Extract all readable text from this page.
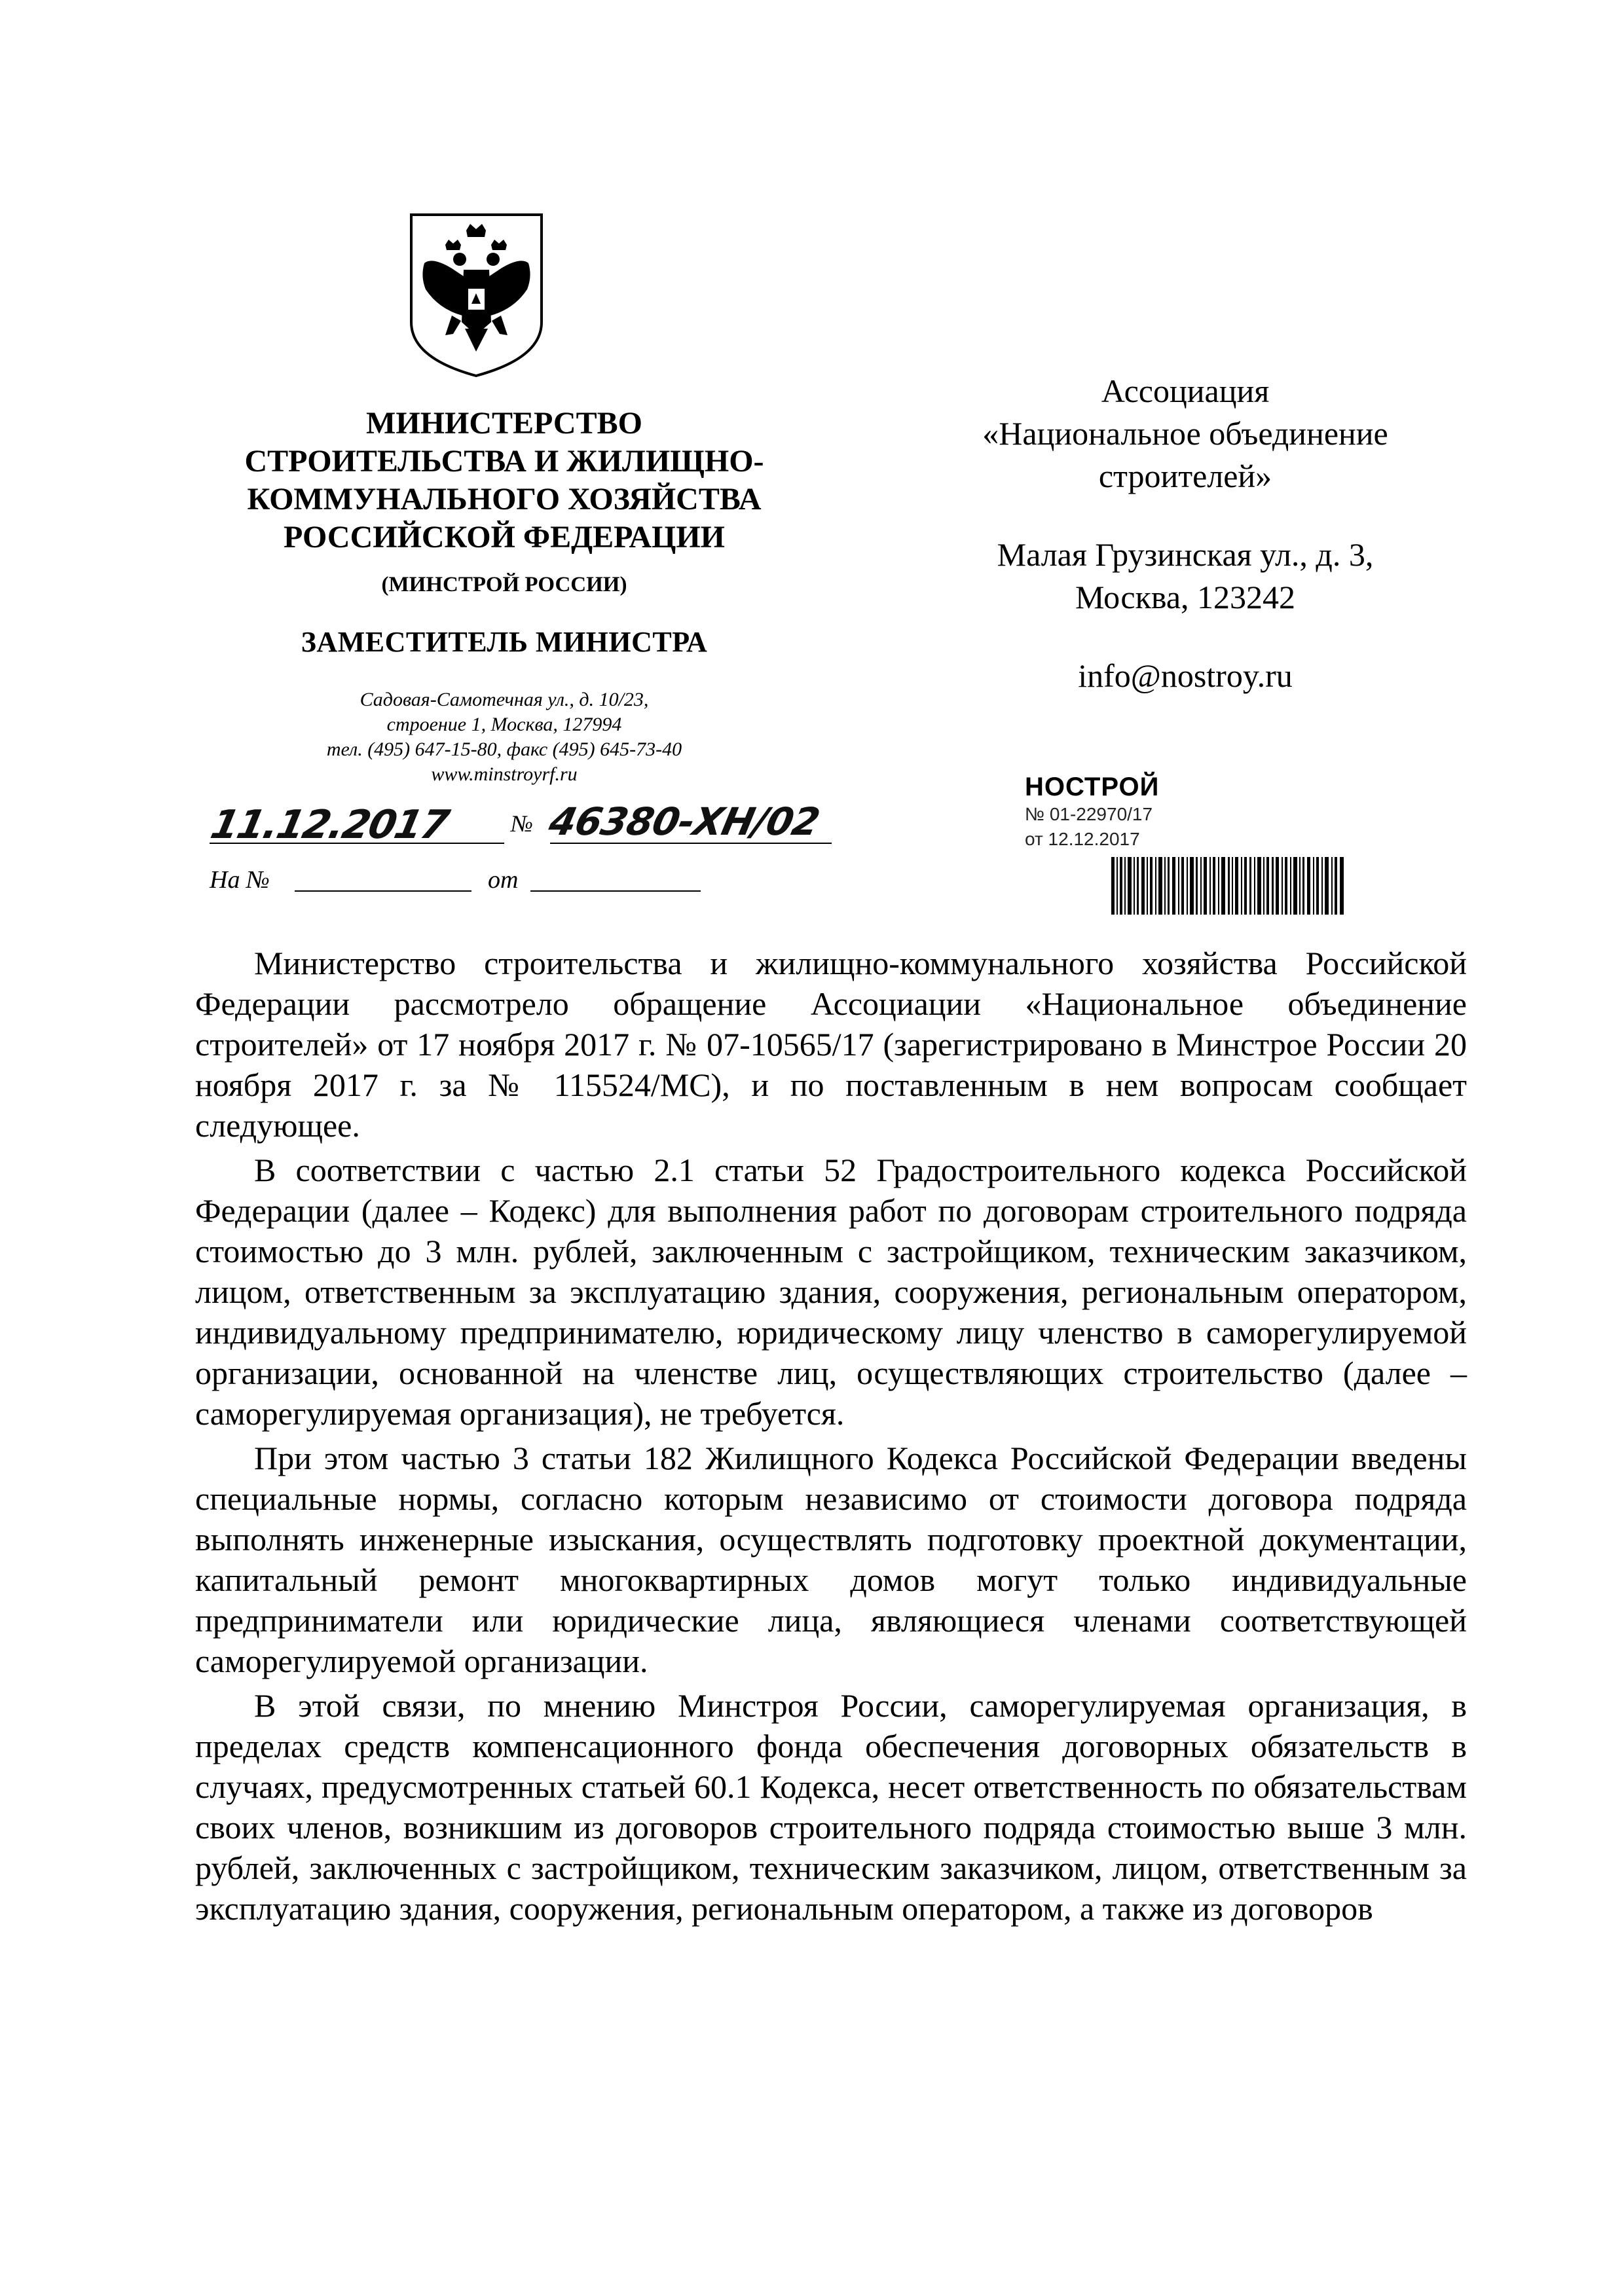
МИНИСТЕРСТВО
СТРОИТЕЛЬСТВА И ЖИЛИЩНО-
КОММУНАЛЬНОГО ХОЗЯЙСТВА
РОССИЙСКОЙ ФЕДЕРАЦИИ
(МИНСТРОЙ РОССИИ)
ЗАМЕСТИТЕЛЬ МИНИСТРА
Садовая-Самотечная ул., д. 10/23,
строение 1, Москва, 127994
тел. (495) 647-15-80, факс (495) 645-73-40
www.minstroyrf.ru
11.12.2017	№ 46380-ХН/02
На №	от
Ассоциация
«Национальное объединение
строителей»
Малая Грузинская ул., д. 3,
Москва, 123242
info@nostroy.ru
НОСТРОЙ
№ 01-22970/17
от 12.12.2017

Министерство строительства и жилищно-коммунального хозяйства Российской Федерации рассмотрело обращение Ассоциации «Национальное объединение строителей» от 17 ноября 2017 г. № 07-10565/17 (зарегистрировано в Минстрое России 20 ноября 2017 г. за № 115524/МС), и по поставленным в нем вопросам сообщает следующее.

В соответствии с частью 2.1 статьи 52 Градостроительного кодекса Российской Федерации (далее – Кодекс) для выполнения работ по договорам строительного подряда стоимостью до 3 млн. рублей, заключенным с застройщиком, техническим заказчиком, лицом, ответственным за эксплуатацию здания, сооружения, региональным оператором, индивидуальному предпринимателю, юридическому лицу членство в саморегулируемой организации, основанной на членстве лиц, осуществляющих строительство (далее – саморегулируемая организация), не требуется.

При этом частью 3 статьи 182 Жилищного Кодекса Российской Федерации введены специальные нормы, согласно которым независимо от стоимости договора подряда выполнять инженерные изыскания, осуществлять подготовку проектной документации, капитальный ремонт многоквартирных домов могут только индивидуальные предприниматели или юридические лица, являющиеся членами соответствующей саморегулируемой организации.

В этой связи, по мнению Минстроя России, саморегулируемая организация, в пределах средств компенсационного фонда обеспечения договорных обязательств в случаях, предусмотренных статьей 60.1 Кодекса, несет ответственность по обязательствам своих членов, возникшим из договоров строительного подряда стоимостью выше 3 млн. рублей, заключенных с застройщиком, техническим заказчиком, лицом, ответственным за эксплуатацию здания, сооружения, региональным оператором, а также из договоров
